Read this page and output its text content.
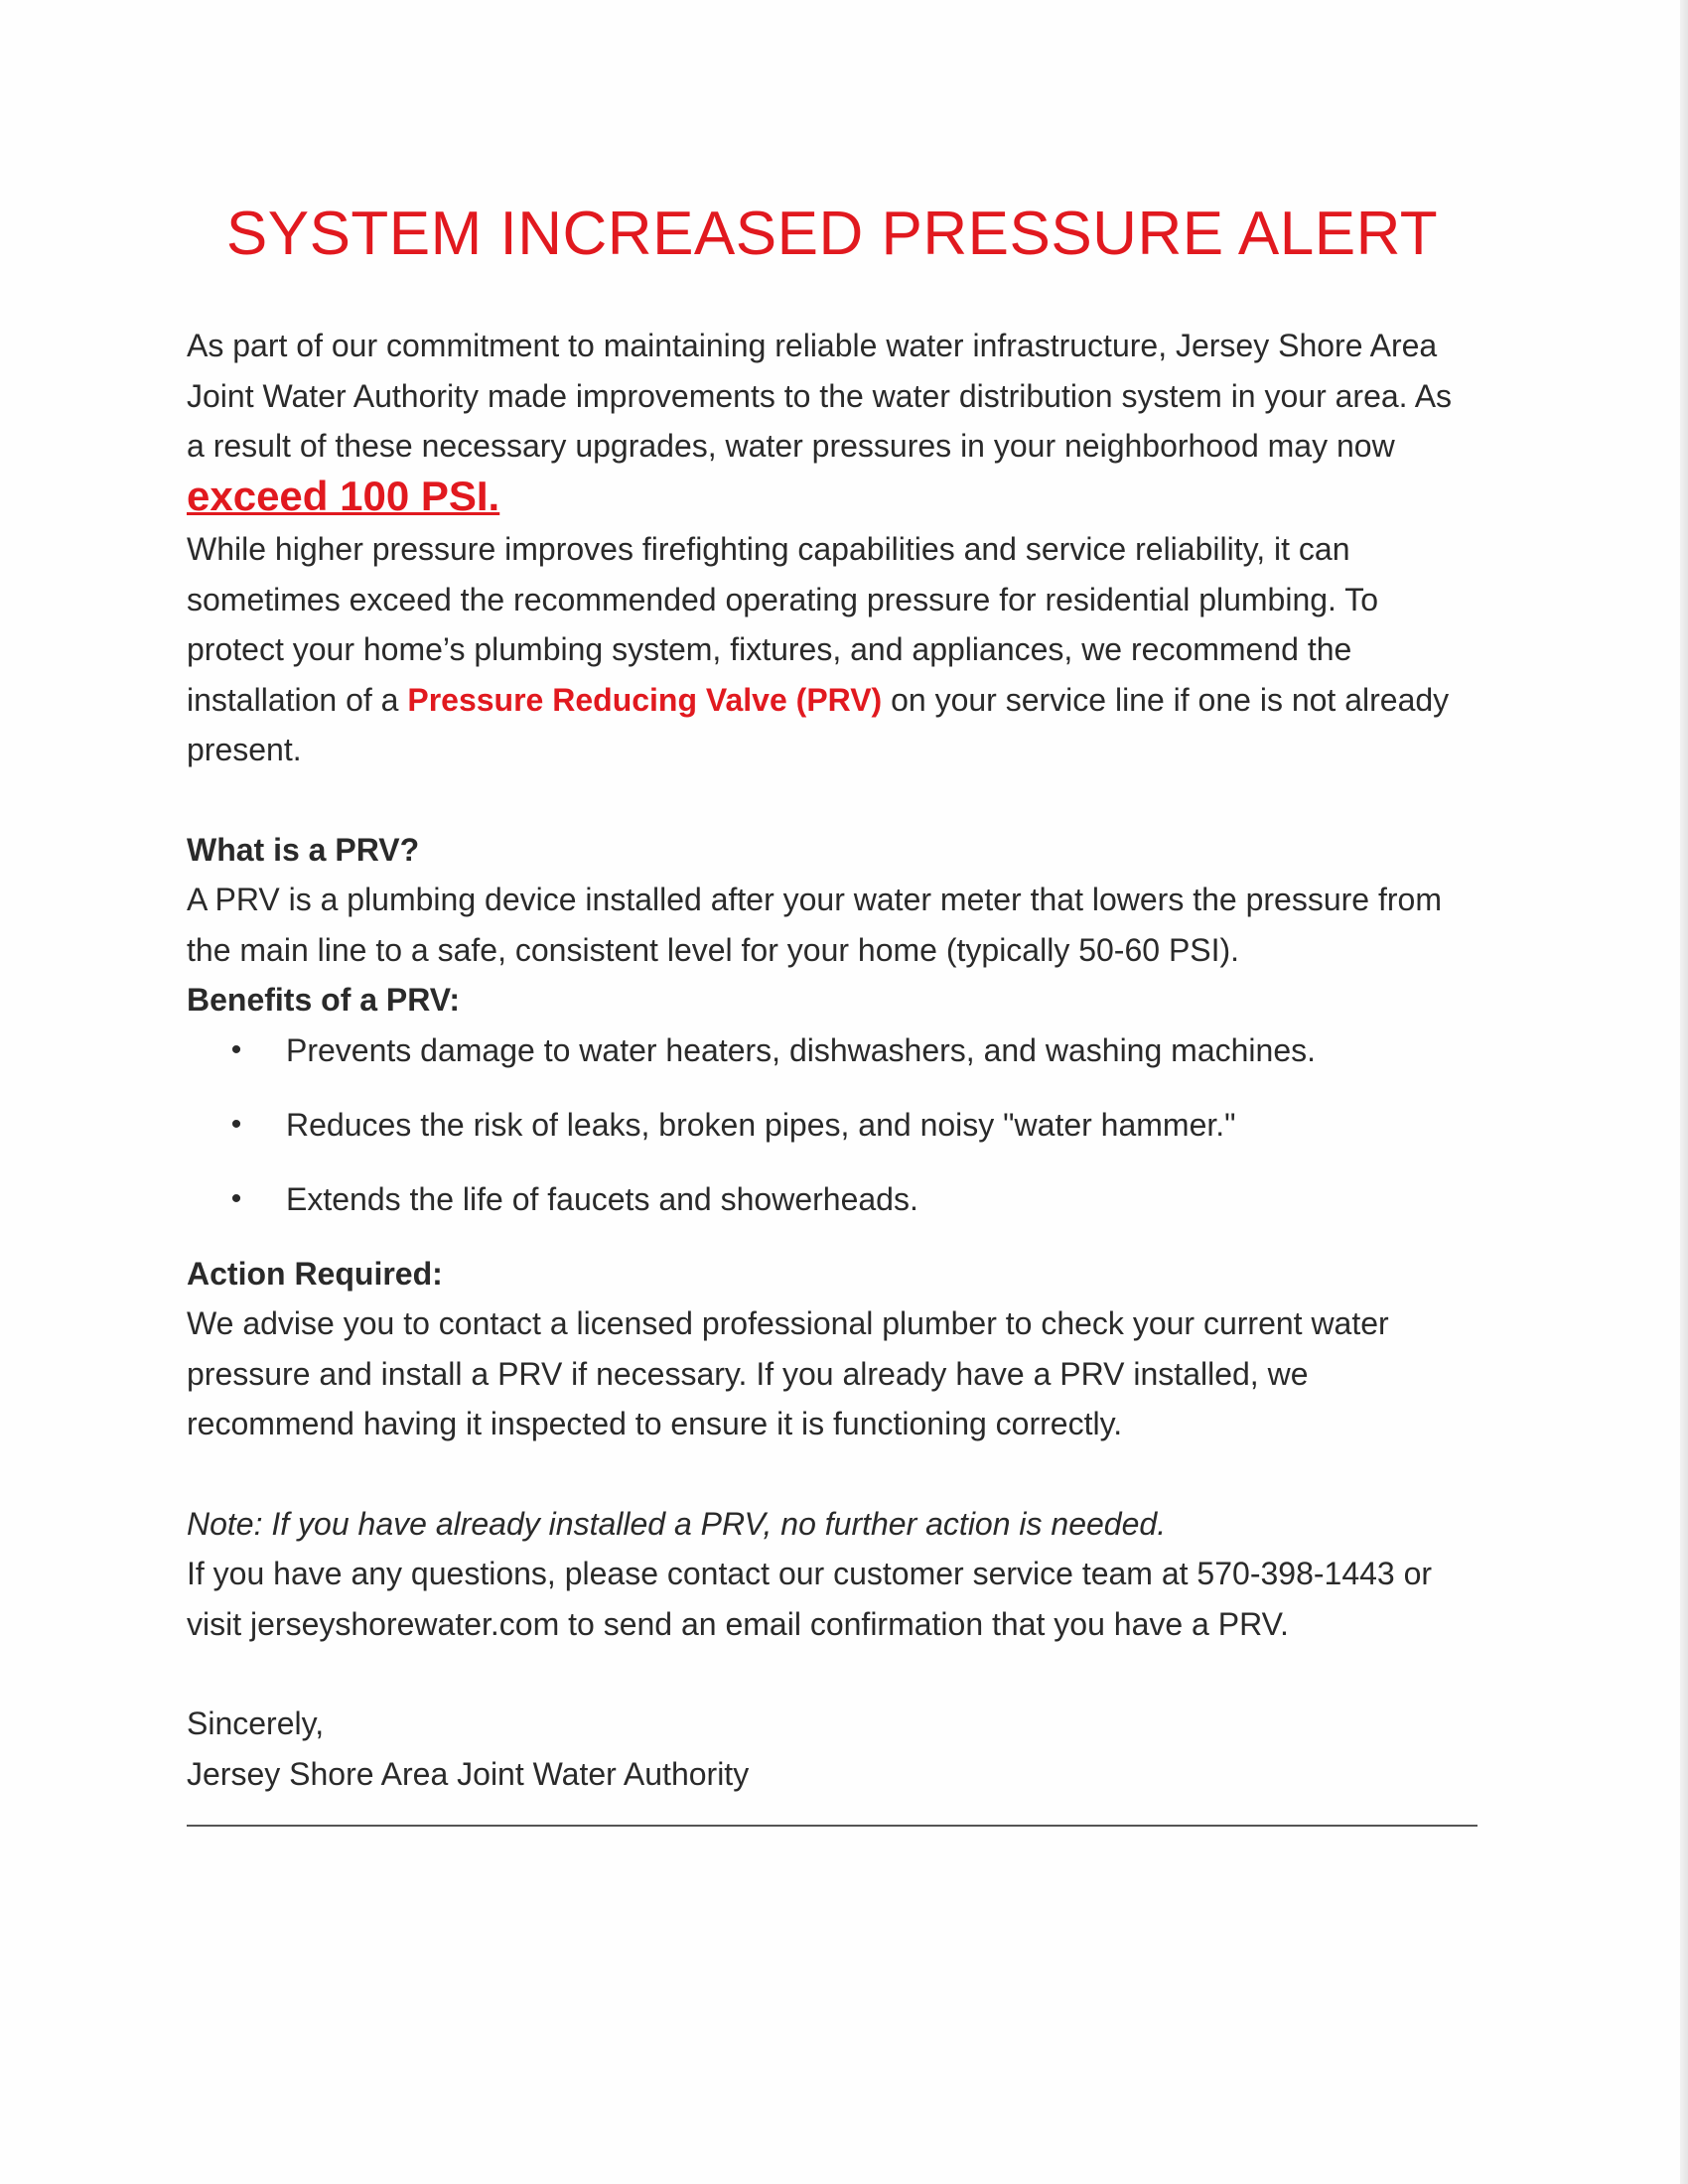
SYSTEM INCREASED PRESSURE ALERT

As part of our commitment to maintaining reliable water infrastructure, Jersey Shore Area Joint Water Authority made improvements to the water distribution system in your area. As a result of these necessary upgrades, water pressures in your neighborhood may now exceed 100 PSI.

While higher pressure improves firefighting capabilities and service reliability, it can sometimes exceed the recommended operating pressure for residential plumbing. To protect your home’s plumbing system, fixtures, and appliances, we recommend the installation of a Pressure Reducing Valve (PRV) on your service line if one is not already present.

What is a PRV?

A PRV is a plumbing device installed after your water meter that lowers the pressure from the main line to a safe, consistent level for your home (typically 50-60 PSI).

Benefits of a PRV:

•
Prevents damage to water heaters, dishwashers, and washing machines.
•
Reduces the risk of leaks, broken pipes, and noisy "water hammer."
•
Extends the life of faucets and showerheads.

Action Required:

We advise you to contact a licensed professional plumber to check your current water pressure and install a PRV if necessary. If you already have a PRV installed, we recommend having it inspected to ensure it is functioning correctly.

Note: If you have already installed a PRV, no further action is needed.

If you have any questions, please contact our customer service team at 570-398-1443 or visit jerseyshorewater.com to send an email confirmation that you have a PRV.

Sincerely,

Jersey Shore Area Joint Water Authority
